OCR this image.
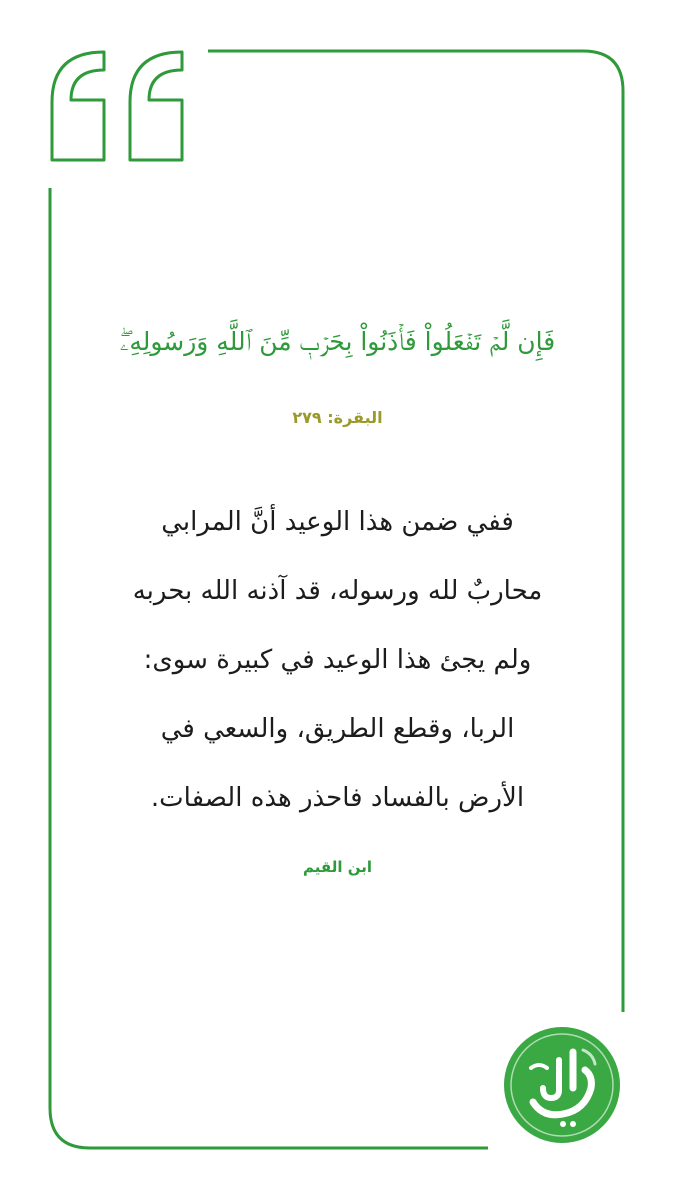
فَإِن لَّمۡ تَفۡعَلُواْ فَأۡذَنُواْ بِحَرۡبٖ مِّنَ ٱللَّهِ وَرَسُولِهِۦۖ
البقرة: ٢٧٩
ففي ضمن هذا الوعيد أنَّ المرابي
محاربٌ لله ورسوله، قد آذنه الله بحربه
ولم يجئ هذا الوعيد في كبيرة سوى:
الربا، وقطع الطريق، والسعي في
الأرض بالفساد فاحذر هذه الصفات.
ابن القيم
